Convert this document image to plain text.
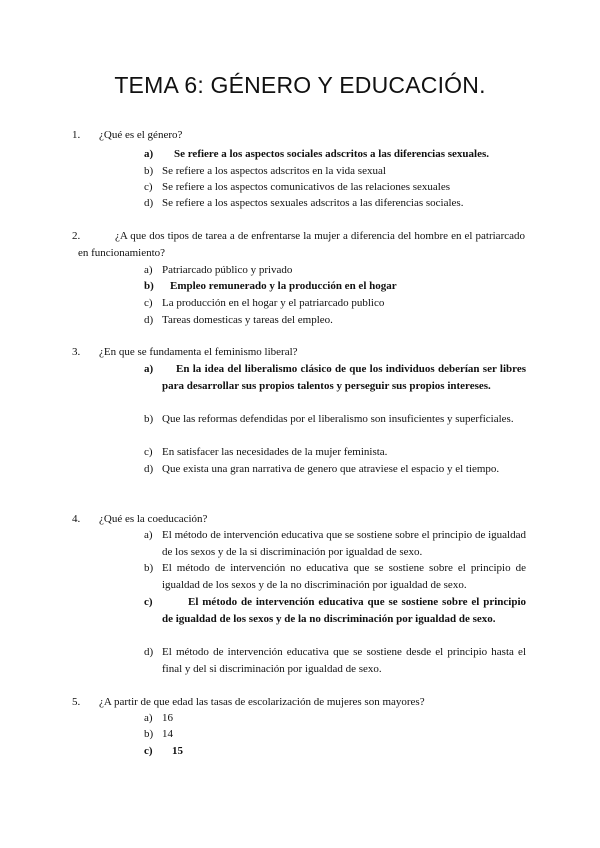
TEMA 6: GÉNERO Y EDUCACIÓN.
1. ¿Qué es el género?
a) Se refiere a los aspectos sociales adscritos a las diferencias sexuales.
b) Se refiere a los aspectos adscritos en la vida sexual
c) Se refiere a los aspectos comunicativos de las relaciones sexuales
d) Se refiere a los aspectos sexuales adscritos a las diferencias sociales.
2.	¿A que dos tipos de tarea a de enfrentarse la mujer a diferencia del hombre en el patriarcado en funcionamiento?
a) Patriarcado público y privado
b) Empleo remunerado y la producción en el hogar
c) La producción en el hogar y el patriarcado publico
d) Tareas domesticas y tareas del empleo.
3. ¿En que se fundamenta el feminismo liberal?
a)	En la idea del liberalismo clásico de que los individuos deberían ser libres para desarrollar sus propios talentos y perseguir sus propios intereses.
b) Que las reformas defendidas por el liberalismo son insuficientes y superficiales.
c) En satisfacer las necesidades de la mujer feminista.
d) Que exista una gran narrativa de genero que atraviese el espacio y el tiempo.
4. ¿Qué es la coeducación?
a) El método de intervención educativa que se sostiene sobre el principio de igualdad de los sexos y de la si discriminación por igualdad de sexo.
b) El método de intervención no educativa que se sostiene sobre el principio de igualdad de los sexos y de la no discriminación por igualdad de sexo.
c)	El método de intervención educativa que se sostiene sobre el principio de igualdad de los sexos y de la no discriminación por igualdad de sexo.
d) El método de intervención educativa que se sostiene desde el principio hasta el final y del si discriminación por igualdad de sexo.
5. ¿A partir de que edad las tasas de escolarización de mujeres son mayores?
a) 16
b) 14
c) 15
